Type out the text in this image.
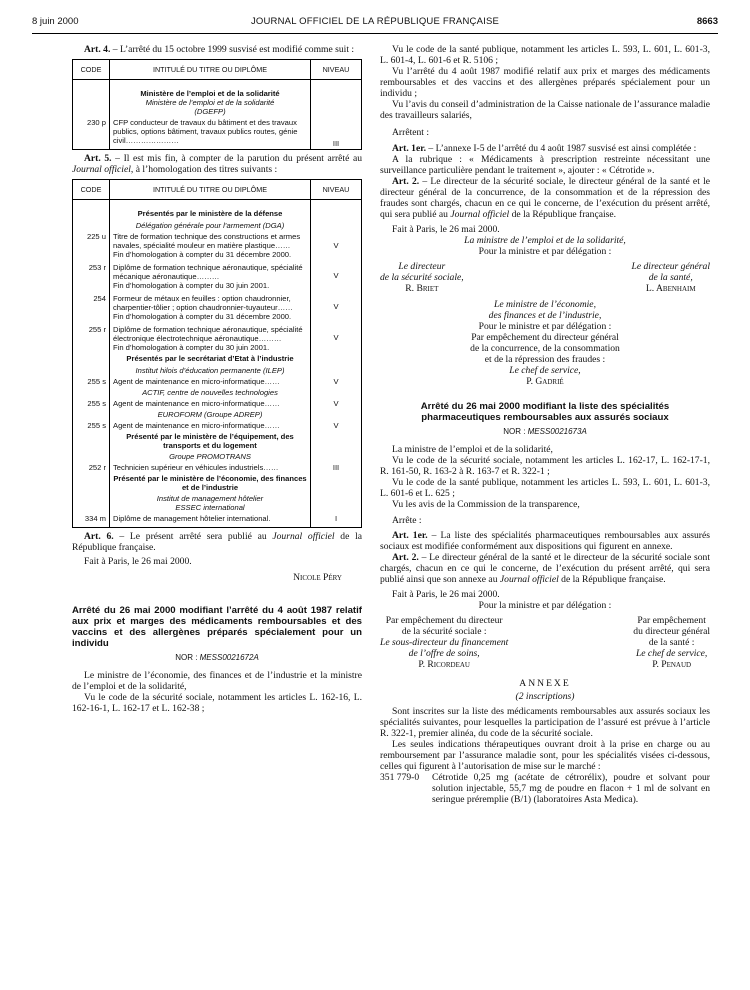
8 juin 2000	JOURNAL OFFICIEL DE LA RÉPUBLIQUE FRANÇAISE	8663

Art. 4. – L’arrêté du 15 octobre 1999 susvisé est modifié comme suit :

CODE	INTITULÉ DU TITRE OU DIPLÔME	NIVEAU

	Ministère de l’emploi et de la solidarité
Ministère de l’emploi et de la solidarité
(DGEFP)	

230 p	CFP conducteur de travaux du bâtiment et des travaux publics, options bâtiment, travaux publics routes, génie civil…………………	III

Art. 5. – Il est mis fin, à compter de la parution du présent arrêté au Journal officiel, à l’homologation des titres suivants :

CODE	INTITULÉ DU TITRE OU DIPLÔME	NIVEAU

	Présentés par le ministère de la défense
Délégation générale pour l’armement (DGA)	

225 u	Titre de formation technique des constructions et armes navales, spécialité mouleur en matière plastique……
Fin d’homologation à compter du 31 décembre 2000.	V
253 r	Diplôme de formation technique aéronautique, spécialité mécanique aéronautique………
Fin d’homologation à compter du 30 juin 2001.	V
254	Formeur de métaux en feuilles : option chaudronnier, charpentier-tôlier ; option chaudronnier-tuyauteur……
Fin d’homologation à compter du 31 décembre 2000.	V
255 r	Diplôme de formation technique aéronautique, spécialité électronique électrotechnique aéronautique………
Fin d’homologation à compter du 30 juin 2001.	V

	Présentés par le secrétariat d’Etat à l’industrie
Institut hilois d’éducation permanente (ILEP)	

255 s	Agent de maintenance en micro-informatique……	V

	ACTIF, centre de nouvelles technologies	

255 s	Agent de maintenance en micro-informatique……	V

	EUROFORM (Groupe ADREP)	

255 s	Agent de maintenance en micro-informatique……	V

	Présenté par le ministère de l’équipement, des transports et du logement
Groupe PROMOTRANS	

252 r	Technicien supérieur en véhicules industriels……	III

	Présenté par le ministère de l’économie, des finances et de l’industrie
Institut de management hôtelier
ESSEC international	

334 m	Diplôme de management hôtelier international.	I

Art. 6. – Le présent arrêté sera publié au Journal officiel de la République française.

Fait à Paris, le 26 mai 2000.

Nicole Péry

Arrêté du 26 mai 2000 modifiant l’arrêté du 4 août 1987 relatif aux prix et marges des médicaments remboursables et des vaccins et des allergènes préparés spécialement pour un individu

NOR : MESS0021672A

Le ministre de l’économie, des finances et de l’industrie et la ministre de l’emploi et de la solidarité,

Vu le code de la sécurité sociale, notamment les articles L. 162-16, L. 162-16-1, L. 162-17 et L. 162-38 ;

Vu le code de la santé publique, notamment les articles L. 593, L. 601, L. 601-3, L. 601-4, L. 601-6 et R. 5106 ;

Vu l’arrêté du 4 août 1987 modifié relatif aux prix et marges des médicaments remboursables et des vaccins et des allergènes préparés spécialement pour un individu ;

Vu l’avis du conseil d’administration de la Caisse nationale de l’assurance maladie des travailleurs salariés,

Arrêtent :

Art. 1er. – L’annexe I-5 de l’arrêté du 4 août 1987 susvisé est ainsi complétée :

A la rubrique : « Médicaments à prescription restreinte nécessitant une surveillance particulière pendant le traitement », ajouter : « Cétrotide ».

Art. 2. – Le directeur de la sécurité sociale, le directeur général de la santé et le directeur général de la concurrence, de la consommation et de la répression des fraudes sont chargés, chacun en ce qui le concerne, de l’exécution du présent arrêté, qui sera publié au Journal officiel de la République française.

Fait à Paris, le 26 mai 2000.

La ministre de l’emploi et de la solidarité,

Pour la ministre et par délégation :

Le directeur
de la sécurité sociale,
R. Briet
Le directeur général
de la santé,
L. Abenhaim

Le ministre de l’économie,

des finances et de l’industrie,

Pour le ministre et par délégation :

Par empêchement du directeur général

de la concurrence, de la consommation

et de la répression des fraudes :

Le chef de service,

P. Gadrié

Arrêté du 26 mai 2000 modifiant la liste des spécialités pharmaceutiques remboursables aux assurés sociaux

NOR : MESS0021673A

La ministre de l’emploi et de la solidarité,

Vu le code de la sécurité sociale, notamment les articles L. 162-17, L. 162-17-1, R. 161-50, R. 163-2 à R. 163-7 et R. 322-1 ;

Vu le code de la santé publique, notamment les articles L. 593, L. 601, L. 601-3, L. 601-6 et L. 625 ;

Vu les avis de la Commission de la transparence,

Arrête :

Art. 1er. – La liste des spécialités pharmaceutiques remboursables aux assurés sociaux est modifiée conformément aux dispositions qui figurent en annexe.

Art. 2. – Le directeur général de la santé et le directeur de la sécurité sociale sont chargés, chacun en ce qui le concerne, de l’exécution du présent arrêté, qui sera publié ainsi que son annexe au Journal officiel de la République française.

Fait à Paris, le 26 mai 2000.

Pour la ministre et par délégation :

Par empêchement du directeur
de la sécurité sociale :
Le sous-directeur du financement
de l’offre de soins,
P. Ricordeau
Par empêchement
du directeur général
de la santé :
Le chef de service,
P. Penaud

ANNEXE

(2 inscriptions)

Sont inscrites sur la liste des médicaments remboursables aux assurés sociaux les spécialités suivantes, pour lesquelles la participation de l’assuré est prévue à l’article R. 322-1, premier alinéa, du code de la sécurité sociale.

Les seules indications thérapeutiques ouvrant droit à la prise en charge ou au remboursement par l’assurance maladie sont, pour les spécialités visées ci-dessous, celles qui figurent à l’autorisation de mise sur le marché :

351 779-0	Cétrotide 0,25 mg (acétate de cétrorélix), poudre et solvant pour solution injectable, 55,7 mg de poudre en flacon + 1 ml de solvant en seringue préremplie (B/1) (laboratoires Asta Medica).
